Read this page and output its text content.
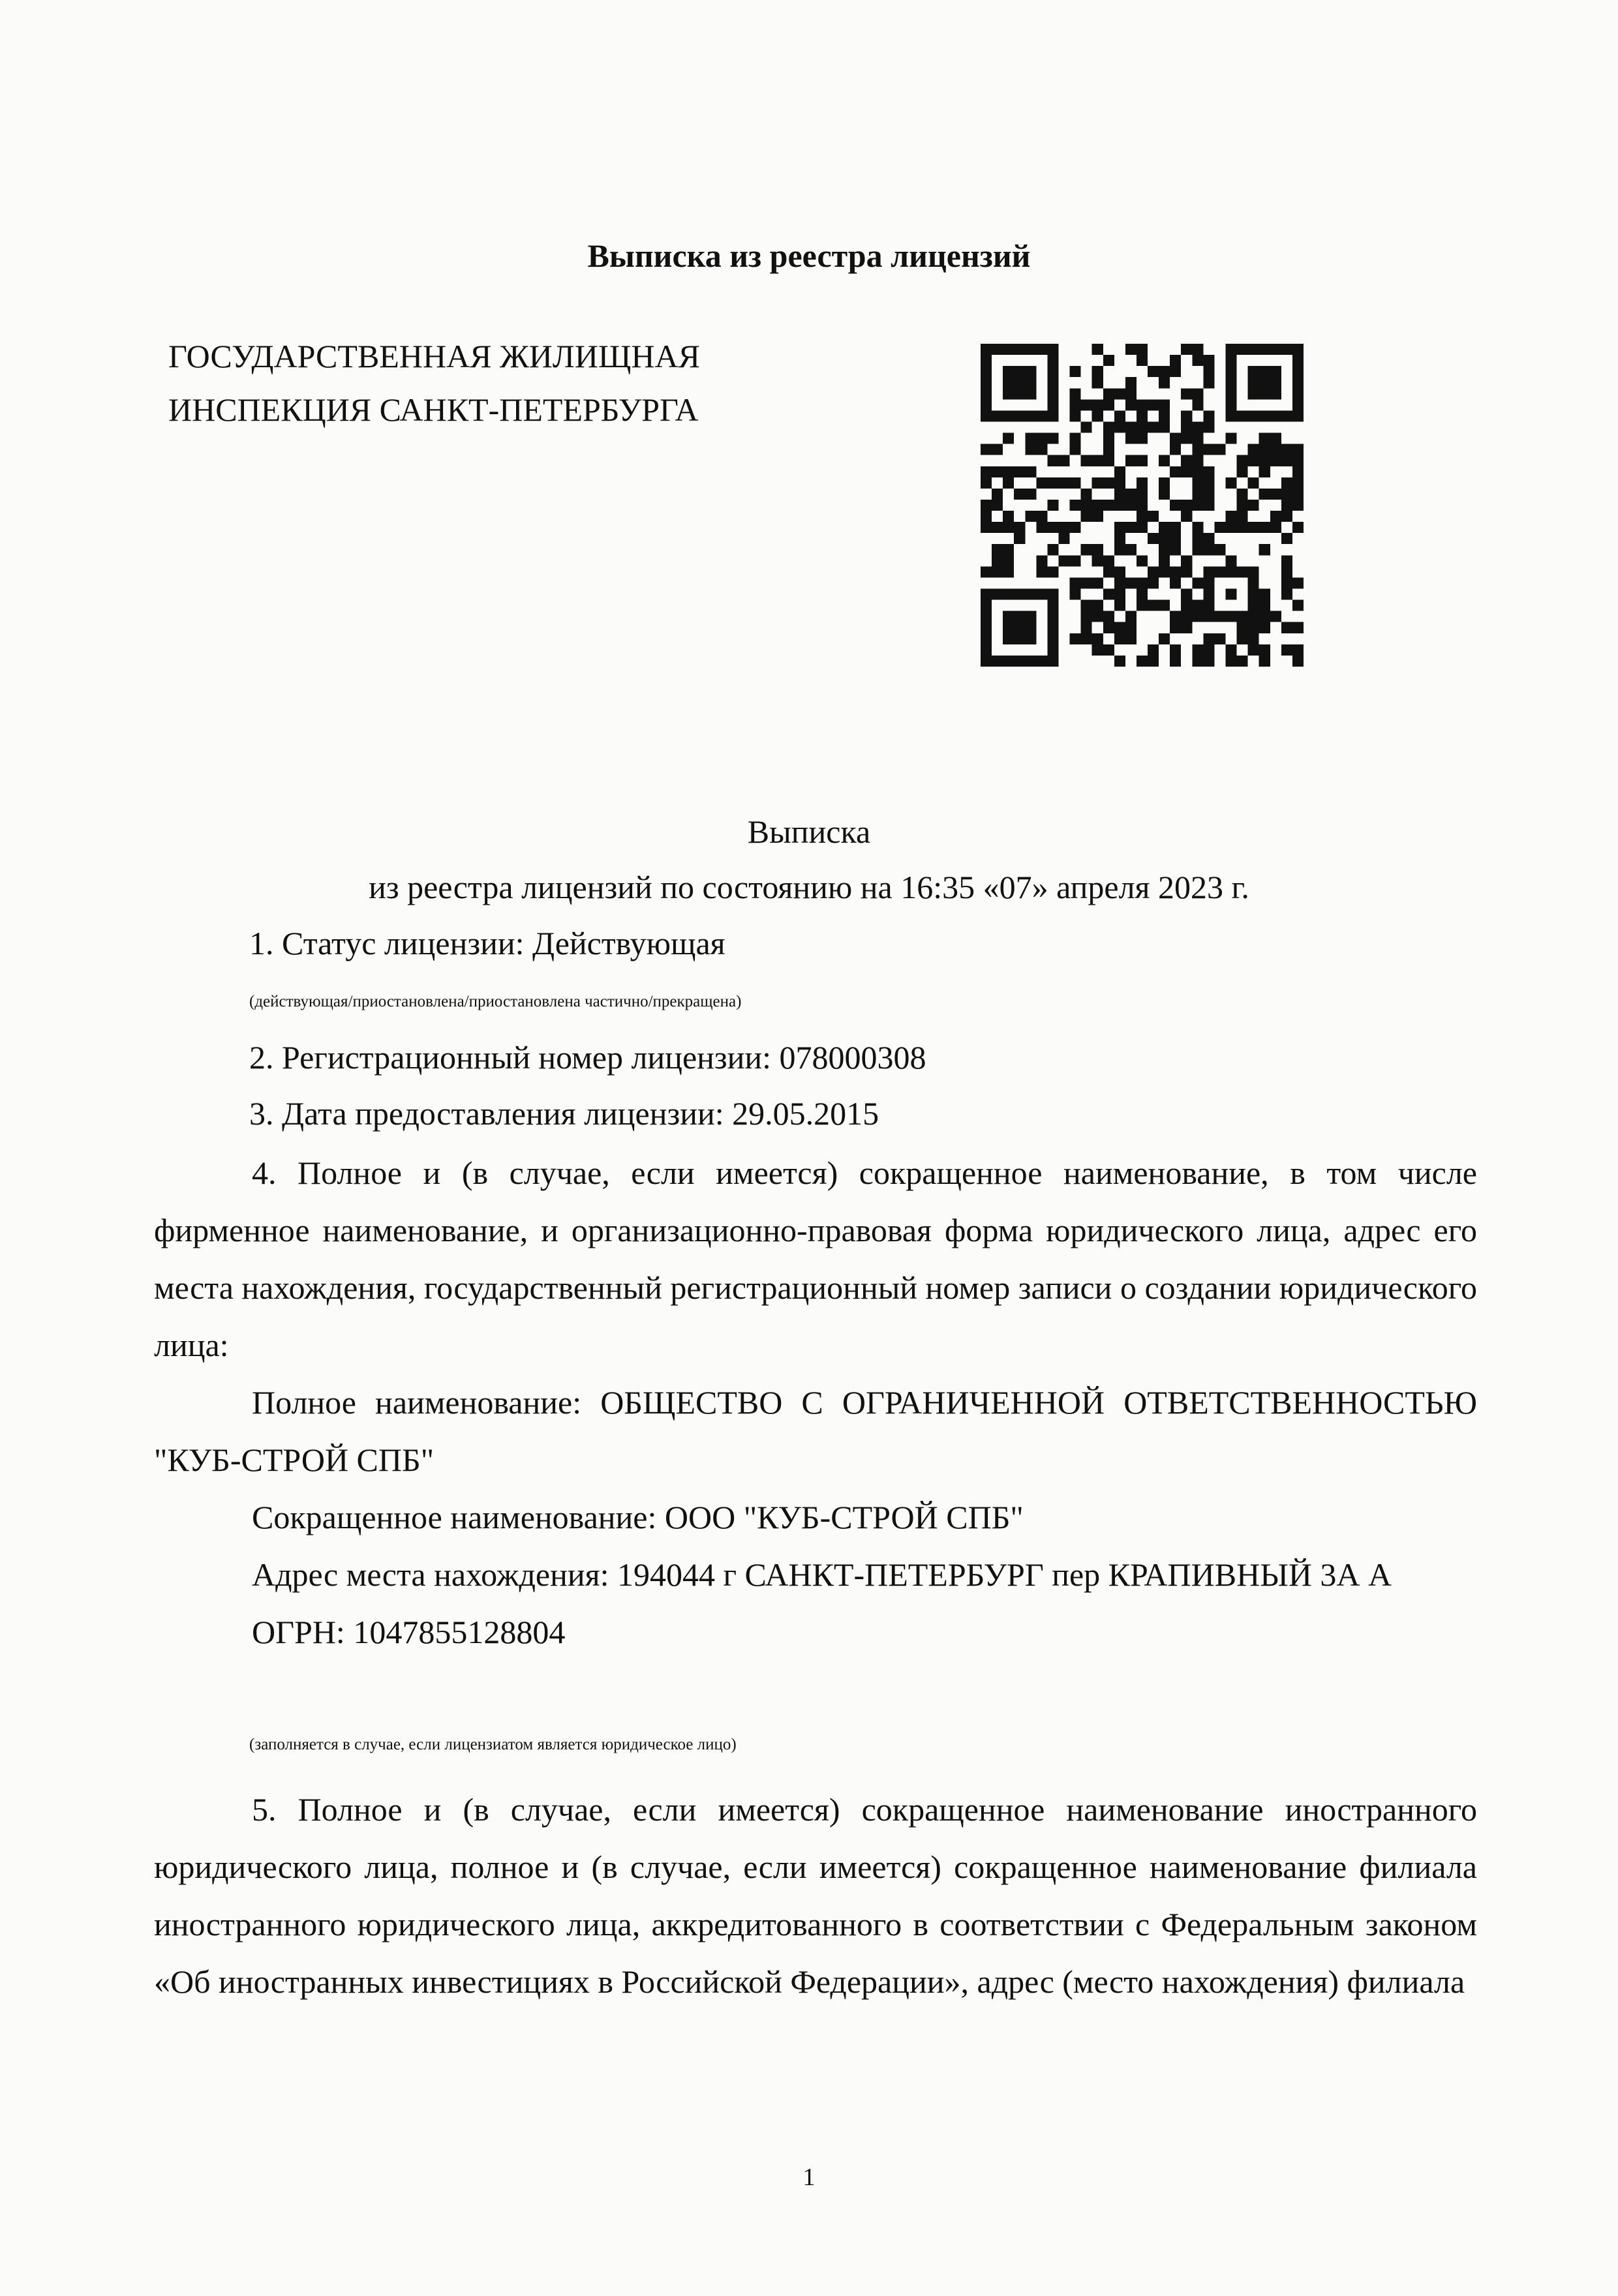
Выписка из реестра лицензий
ГОСУДАРСТВЕННАЯ ЖИЛИЩНАЯ
ИНСПЕКЦИЯ САНКТ-ПЕТЕРБУРГА
Выписка
из реестра лицензий по состоянию на 16:35 «07» апреля 2023 г.
1. Статус лицензии: Действующая
(действующая/приостановлена/приостановлена частично/прекращена)
2. Регистрационный номер лицензии: 078000308
3. Дата предоставления лицензии: 29.05.2015

4. Полное и (в случае, если имеется) сокращенное наименование, в том числе фирменное наименование, и организационно-правовая форма юридического лица, адрес его места нахождения, государственный регистрационный номер записи о создании юридического лица:

Полное наименование: ОБЩЕСТВО С ОГРАНИЧЕННОЙ ОТВЕТСТВЕННОСТЬЮ "КУБ-СТРОЙ СПБ"

Сокращенное наименование: ООО "КУБ-СТРОЙ СПБ"

Адрес места нахождения: 194044 г САНКТ-ПЕТЕРБУРГ пер КРАПИВНЫЙ 3А А

ОГРН: 1047855128804

(заполняется в случае, если лицензиатом является юридическое лицо)

5. Полное и (в случае, если имеется) сокращенное наименование иностранного юридического лица, полное и (в случае, если имеется) сокращенное наименование филиала иностранного юридического лица, аккредитованного в соответствии с Федеральным законом «Об иностранных инвестициях в Российской Федерации», адрес (место нахождения) филиала

1
